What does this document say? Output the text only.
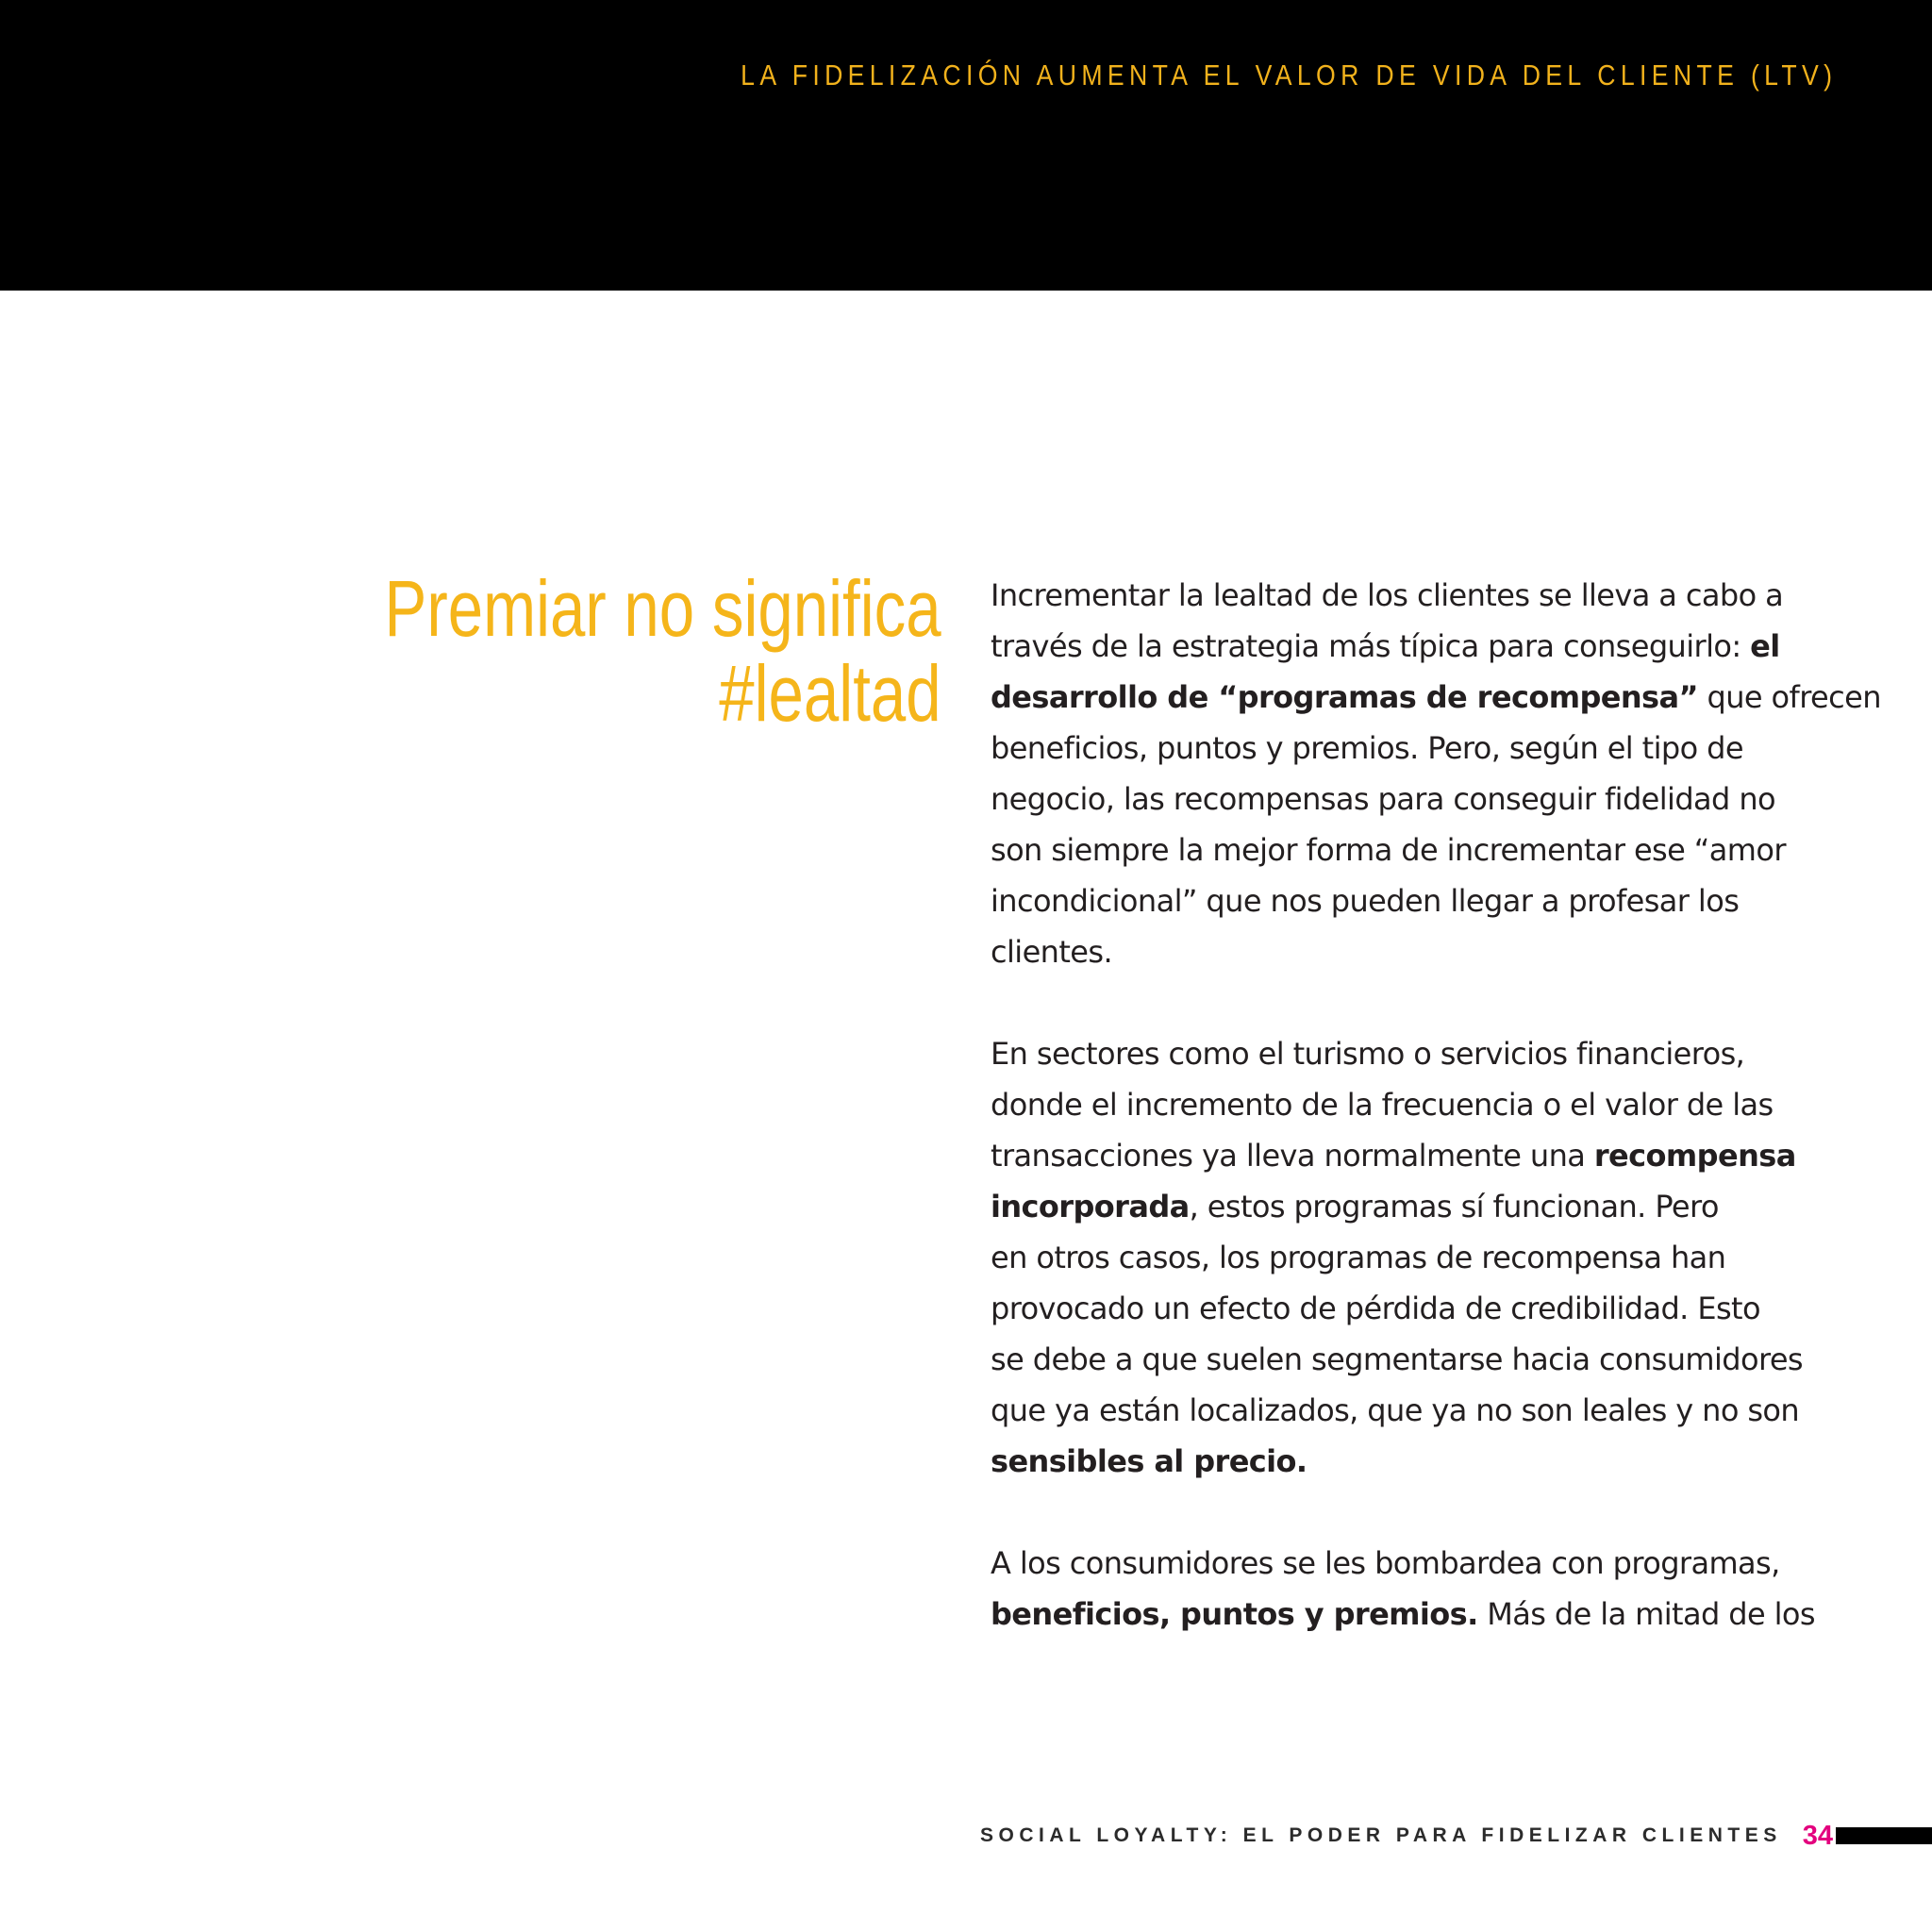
LA FIDELIZACIÓN AUMENTA EL VALOR DE VIDA DEL CLIENTE (LTV)
Premiar no significa
#lealtad

Incrementar la lealtad de los clientes se lleva a cabo a
través de la estrategia más típica para conseguirlo: el
desarrollo de “programas de recompensa” que ofrecen
beneficios, puntos y premios. Pero, según el tipo de
negocio, las recompensas para conseguir fidelidad no
son siempre la mejor forma de incrementar ese “amor
incondicional” que nos pueden llegar a profesar los
clientes.

En sectores como el turismo o servicios financieros,
donde el incremento de la frecuencia o el valor de las
transacciones ya lleva normalmente una recompensa
incorporada, estos programas sí funcionan. Pero
en otros casos, los programas de recompensa han
provocado un efecto de pérdida de credibilidad. Esto
se debe a que suelen segmentarse hacia consumidores
que ya están localizados, que ya no son leales y no son
sensibles al precio.

A los consumidores se les bombardea con programas,
beneficios, puntos y premios. Más de la mitad de los

SOCIAL LOYALTY: EL PODER PARA FIDELIZAR CLIENTES 34
